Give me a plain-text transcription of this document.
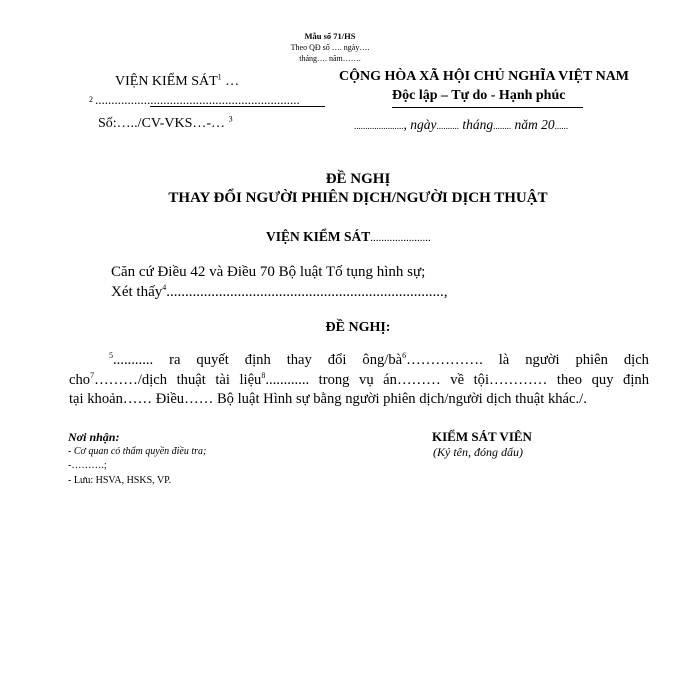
Mẫu số 71/HS
Theo QĐ số …. ngày….
tháng…. năm…….
VIỆN KIỂM SÁT$^1$ …
2 ...............................................................
Số:…../CV-VKS…-… $^3$
CỘNG HÒA XÃ HỘI CHỦ NGHĨA VIỆT NAM
Độc lập – Tự do - Hạnh phúc
......................, ngày.......... tháng........ năm 20......
ĐỀ NGHỊ
THAY ĐỔI NGƯỜI PHIÊN DỊCH/NGƯỜI DỊCH THUẬT
VIỆN KIỂM SÁT......................
Căn cứ Điều 42 và Điều 70 Bộ luật Tố tụng hình sự;
Xét thấy$^4$..........................................................................,
ĐỀ NGHỊ:
$^5$........... ra quyết định thay đổi ông/$bà^6\dots\dots\dots\dots\dots$. là người phiên dịch
cho$^7$………/dịch thuật tài liệu$^8$............ trong vụ án……… về tội………… theo quy định
tại khoản…… Điều…… Bộ luật Hình sự bằng người phiên dịch/người dịch thuật khác./.
Nơi nhận:
- Cơ quan có thẩm quyền điều tra;
-……….;
- Lưu: HSVA, HSKS, VP.
KIỂM SÁT VIÊN
(Ký tên, đóng dấu)
